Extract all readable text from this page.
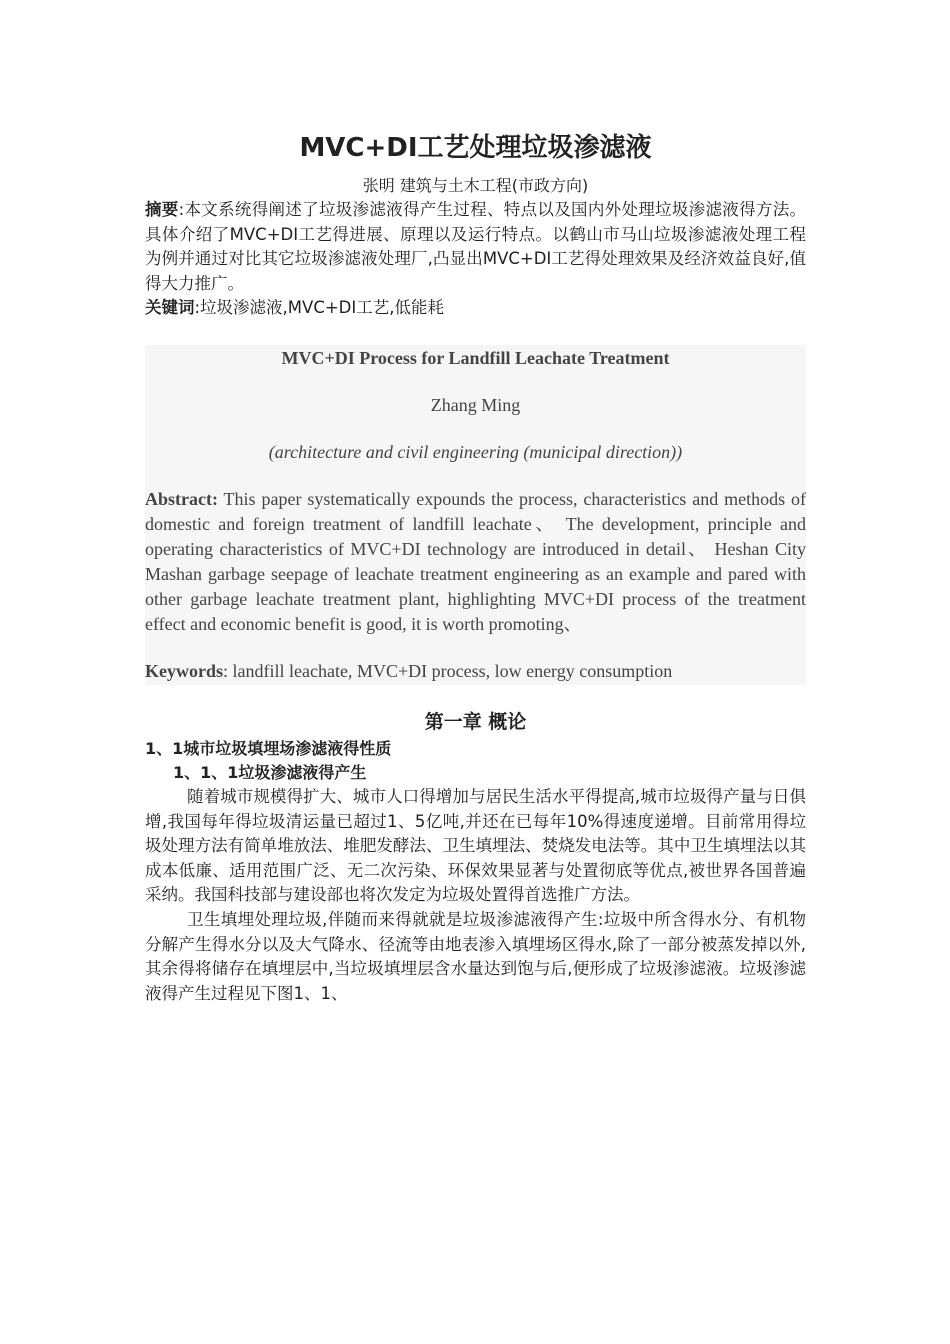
MVC+DI工艺处理垃圾渗滤液
张明 建筑与土木工程(市政方向)
摘要:本文系统得阐述了垃圾渗滤液得产生过程、特点以及国内外处理垃圾渗滤液得方法。具体介绍了MVC+DI工艺得进展、原理以及运行特点。以鹤山市马山垃圾渗滤液处理工程为例并通过对比其它垃圾渗滤液处理厂,凸显出MVC+DI工艺得处理效果及经济效益良好,值得大力推广。
关键词:垃圾渗滤液,MVC+DI工艺,低能耗
MVC+DI Process for Landfill Leachate Treatment
Zhang Ming
(architecture and civil engineering (municipal direction))
Abstract: This paper systematically expounds the process, characteristics and methods of domestic and foreign treatment of landfill leachate、 The development, principle and operating characteristics of MVC+DI technology are introduced in detail、 Heshan City Mashan garbage seepage of leachate treatment engineering as an example and pared with other garbage leachate treatment plant, highlighting MVC+DI process of the treatment effect and economic benefit is good, it is worth promoting、
Keywords: landfill leachate, MVC+DI process, low energy consumption
第一章 概论
1、1城市垃圾填埋场渗滤液得性质
1、1、1垃圾渗滤液得产生
随着城市规模得扩大、城市人口得增加与居民生活水平得提高,城市垃圾得产量与日俱增,我国每年得垃圾清运量已超过1、5亿吨,并还在已每年10%得速度递增。目前常用得垃圾处理方法有简单堆放法、堆肥发酵法、卫生填埋法、焚烧发电法等。其中卫生填埋法以其成本低廉、适用范围广泛、无二次污染、环保效果显著与处置彻底等优点,被世界各国普遍采纳。我国科技部与建设部也将次发定为垃圾处置得首选推广方法。
卫生填埋处理垃圾,伴随而来得就就是垃圾渗滤液得产生:垃圾中所含得水分、有机物分解产生得水分以及大气降水、径流等由地表渗入填埋场区得水,除了一部分被蒸发掉以外,其余得将储存在填埋层中,当垃圾填埋层含水量达到饱与后,便形成了垃圾渗滤液。垃圾渗滤液得产生过程见下图1、1、
